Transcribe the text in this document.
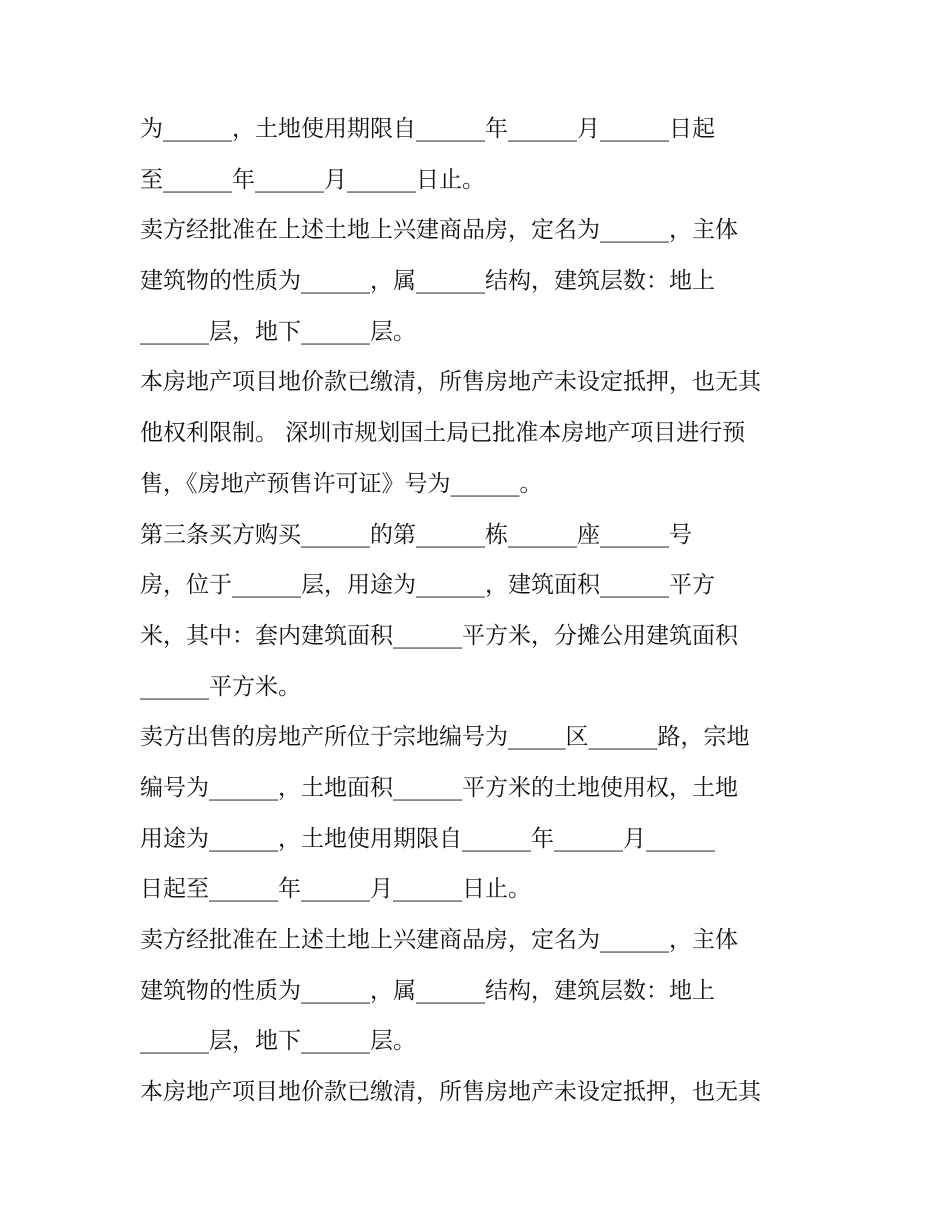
为______，土地使用期限自______年______月______日起

至______年______月______日止。

卖方经批准在上述土地上兴建商品房，定名为______，主体

建筑物的性质为______，属______结构，建筑层数：地上

______层，地下______层。

本房地产项目地价款已缴清，所售房地产未设定抵押，也无其

他权利限制。 深圳市规划国土局已批准本房地产项目进行预

售，《房地产预售许可证》号为______。

第三条买方购买______的第______栋______座______号

房，位于______层，用途为______，建筑面积______平方

米，其中：套内建筑面积______平方米，分摊公用建筑面积

______平方米。

卖方出售的房地产所位于宗地编号为_____区______路，宗地

编号为______，土地面积______平方米的土地使用权，土地

用途为______，土地使用期限自______年______月______

日起至______年______月______日止。

卖方经批准在上述土地上兴建商品房，定名为______，主体

建筑物的性质为______，属______结构，建筑层数：地上

______层，地下______层。

本房地产项目地价款已缴清，所售房地产未设定抵押，也无其
